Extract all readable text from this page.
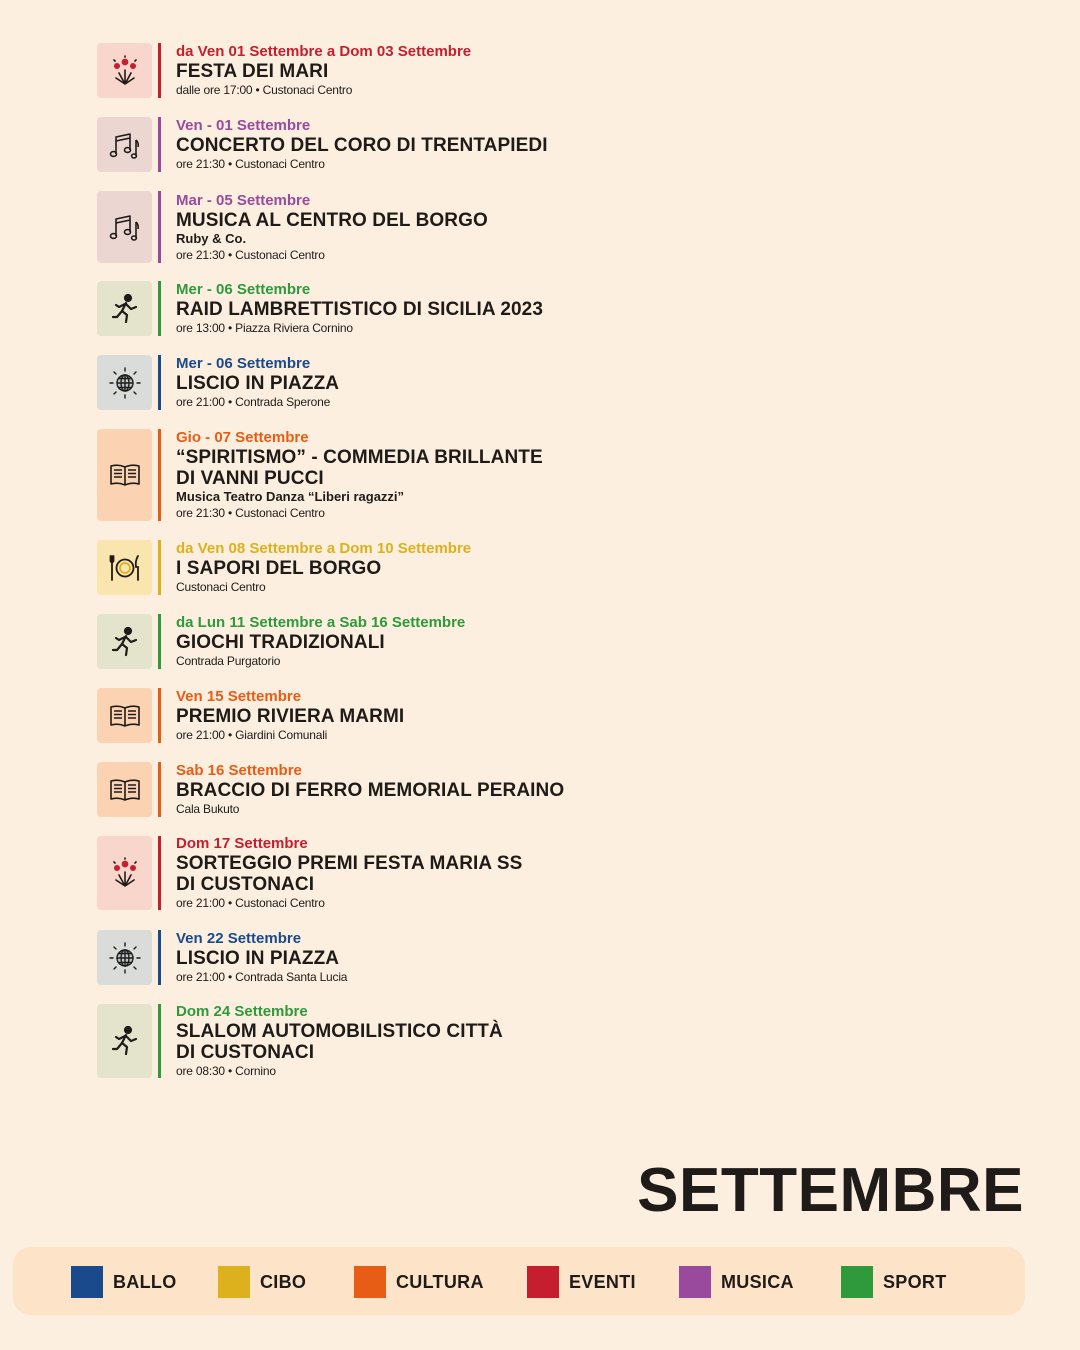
da Ven 01 Settembre a Dom 03 Settembre
FESTA DEI MARI
dalle ore 17:00 • Custonaci Centro
Ven - 01 Settembre
CONCERTO DEL CORO DI TRENTAPIEDI
ore 21:30 • Custonaci Centro
Mar - 05 Settembre
MUSICA AL CENTRO DEL BORGO
Ruby & Co.
ore 21:30 • Custonaci Centro
Mer - 06 Settembre
RAID LAMBRETTISTICO DI SICILIA 2023
ore 13:00 • Piazza Riviera Cornino
Mer - 06 Settembre
LISCIO IN PIAZZA
ore 21:00 • Contrada Sperone
Gio - 07 Settembre
“SPIRITISMO” - COMMEDIA BRILLANTE
DI VANNI PUCCI
Musica Teatro Danza “Liberi ragazzi”
ore 21:30 • Custonaci Centro
da Ven 08 Settembre a Dom 10 Settembre
I SAPORI DEL BORGO
Custonaci Centro
da Lun 11 Settembre a Sab 16 Settembre
GIOCHI TRADIZIONALI
Contrada Purgatorio
Ven 15 Settembre
PREMIO RIVIERA MARMI
ore 21:00 • Giardini Comunali
Sab 16 Settembre
BRACCIO DI FERRO MEMORIAL PERAINO
Cala Bukuto
Dom 17 Settembre
SORTEGGIO PREMI FESTA MARIA SS
DI CUSTONACI
ore 21:00 • Custonaci Centro
Ven 22 Settembre
LISCIO IN PIAZZA
ore 21:00 • Contrada Santa Lucia
Dom 24 Settembre
SLALOM AUTOMOBILISTICO CITTÀ
DI CUSTONACI
ore 08:30 • Cornino
SETTEMBRE
BALLO	CIBO	CULTURA	EVENTI	MUSICA	SPORT
